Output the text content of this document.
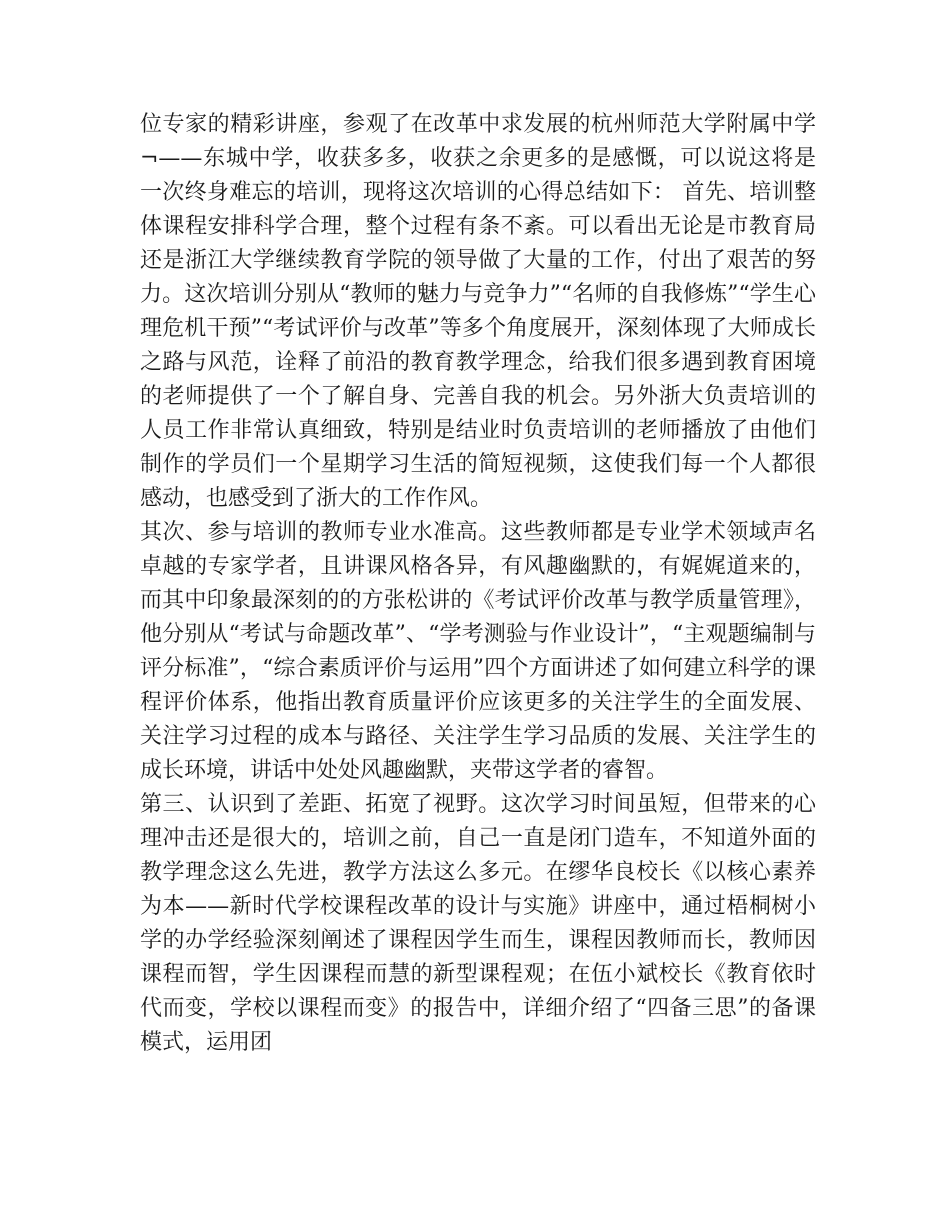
位专家的精彩讲座，参观了在改革中求发展的杭州师范大学附属中学¬——东城中学，收获多多，收获之余更多的是感慨，可以说这将是一次终身难忘的培训，现将这次培训的心得总结如下： 首先、培训整体课程安排科学合理，整个过程有条不紊。可以看出无论是市教育局还是浙江大学继续教育学院的领导做了大量的工作，付出了艰苦的努力。这次培训分别从“教师的魅力与竞争力”“名师的自我修炼”“学生心理危机干预”“考试评价与改革”等多个角度展开，深刻体现了大师成长之路与风范，诠释了前沿的教育教学理念，给我们很多遇到教育困境的老师提供了一个了解自身、完善自我的机会。另外浙大负责培训的人员工作非常认真细致，特别是结业时负责培训的老师播放了由他们制作的学员们一个星期学习生活的简短视频，这使我们每一个人都很感动，也感受到了浙大的工作作风。

其次、参与培训的教师专业水准高。这些教师都是专业学术领域声名卓越的专家学者，且讲课风格各异，有风趣幽默的，有娓娓道来的，而其中印象最深刻的的方张松讲的《考试评价改革与教学质量管理》，他分别从“考试与命题改革”、“学考测验与作业设计”，“主观题编制与评分标准”，“综合素质评价与运用”四个方面讲述了如何建立科学的课程评价体系，他指出教育质量评价应该更多的关注学生的全面发展、关注学习过程的成本与路径、关注学生学习品质的发展、关注学生的成长环境，讲话中处处风趣幽默，夹带这学者的睿智。

第三、认识到了差距、拓宽了视野。这次学习时间虽短，但带来的心理冲击还是很大的，培训之前，自己一直是闭门造车，不知道外面的教学理念这么先进，教学方法这么多元。在缪华良校长《以核心素养为本——新时代学校课程改革的设计与实施》讲座中，通过梧桐树小学的办学经验深刻阐述了课程因学生而生，课程因教师而长，教师因课程而智，学生因课程而慧的新型课程观；在伍小斌校长《教育依时代而变，学校以课程而变》的报告中，详细介绍了“四备三思”的备课模式，运用团
